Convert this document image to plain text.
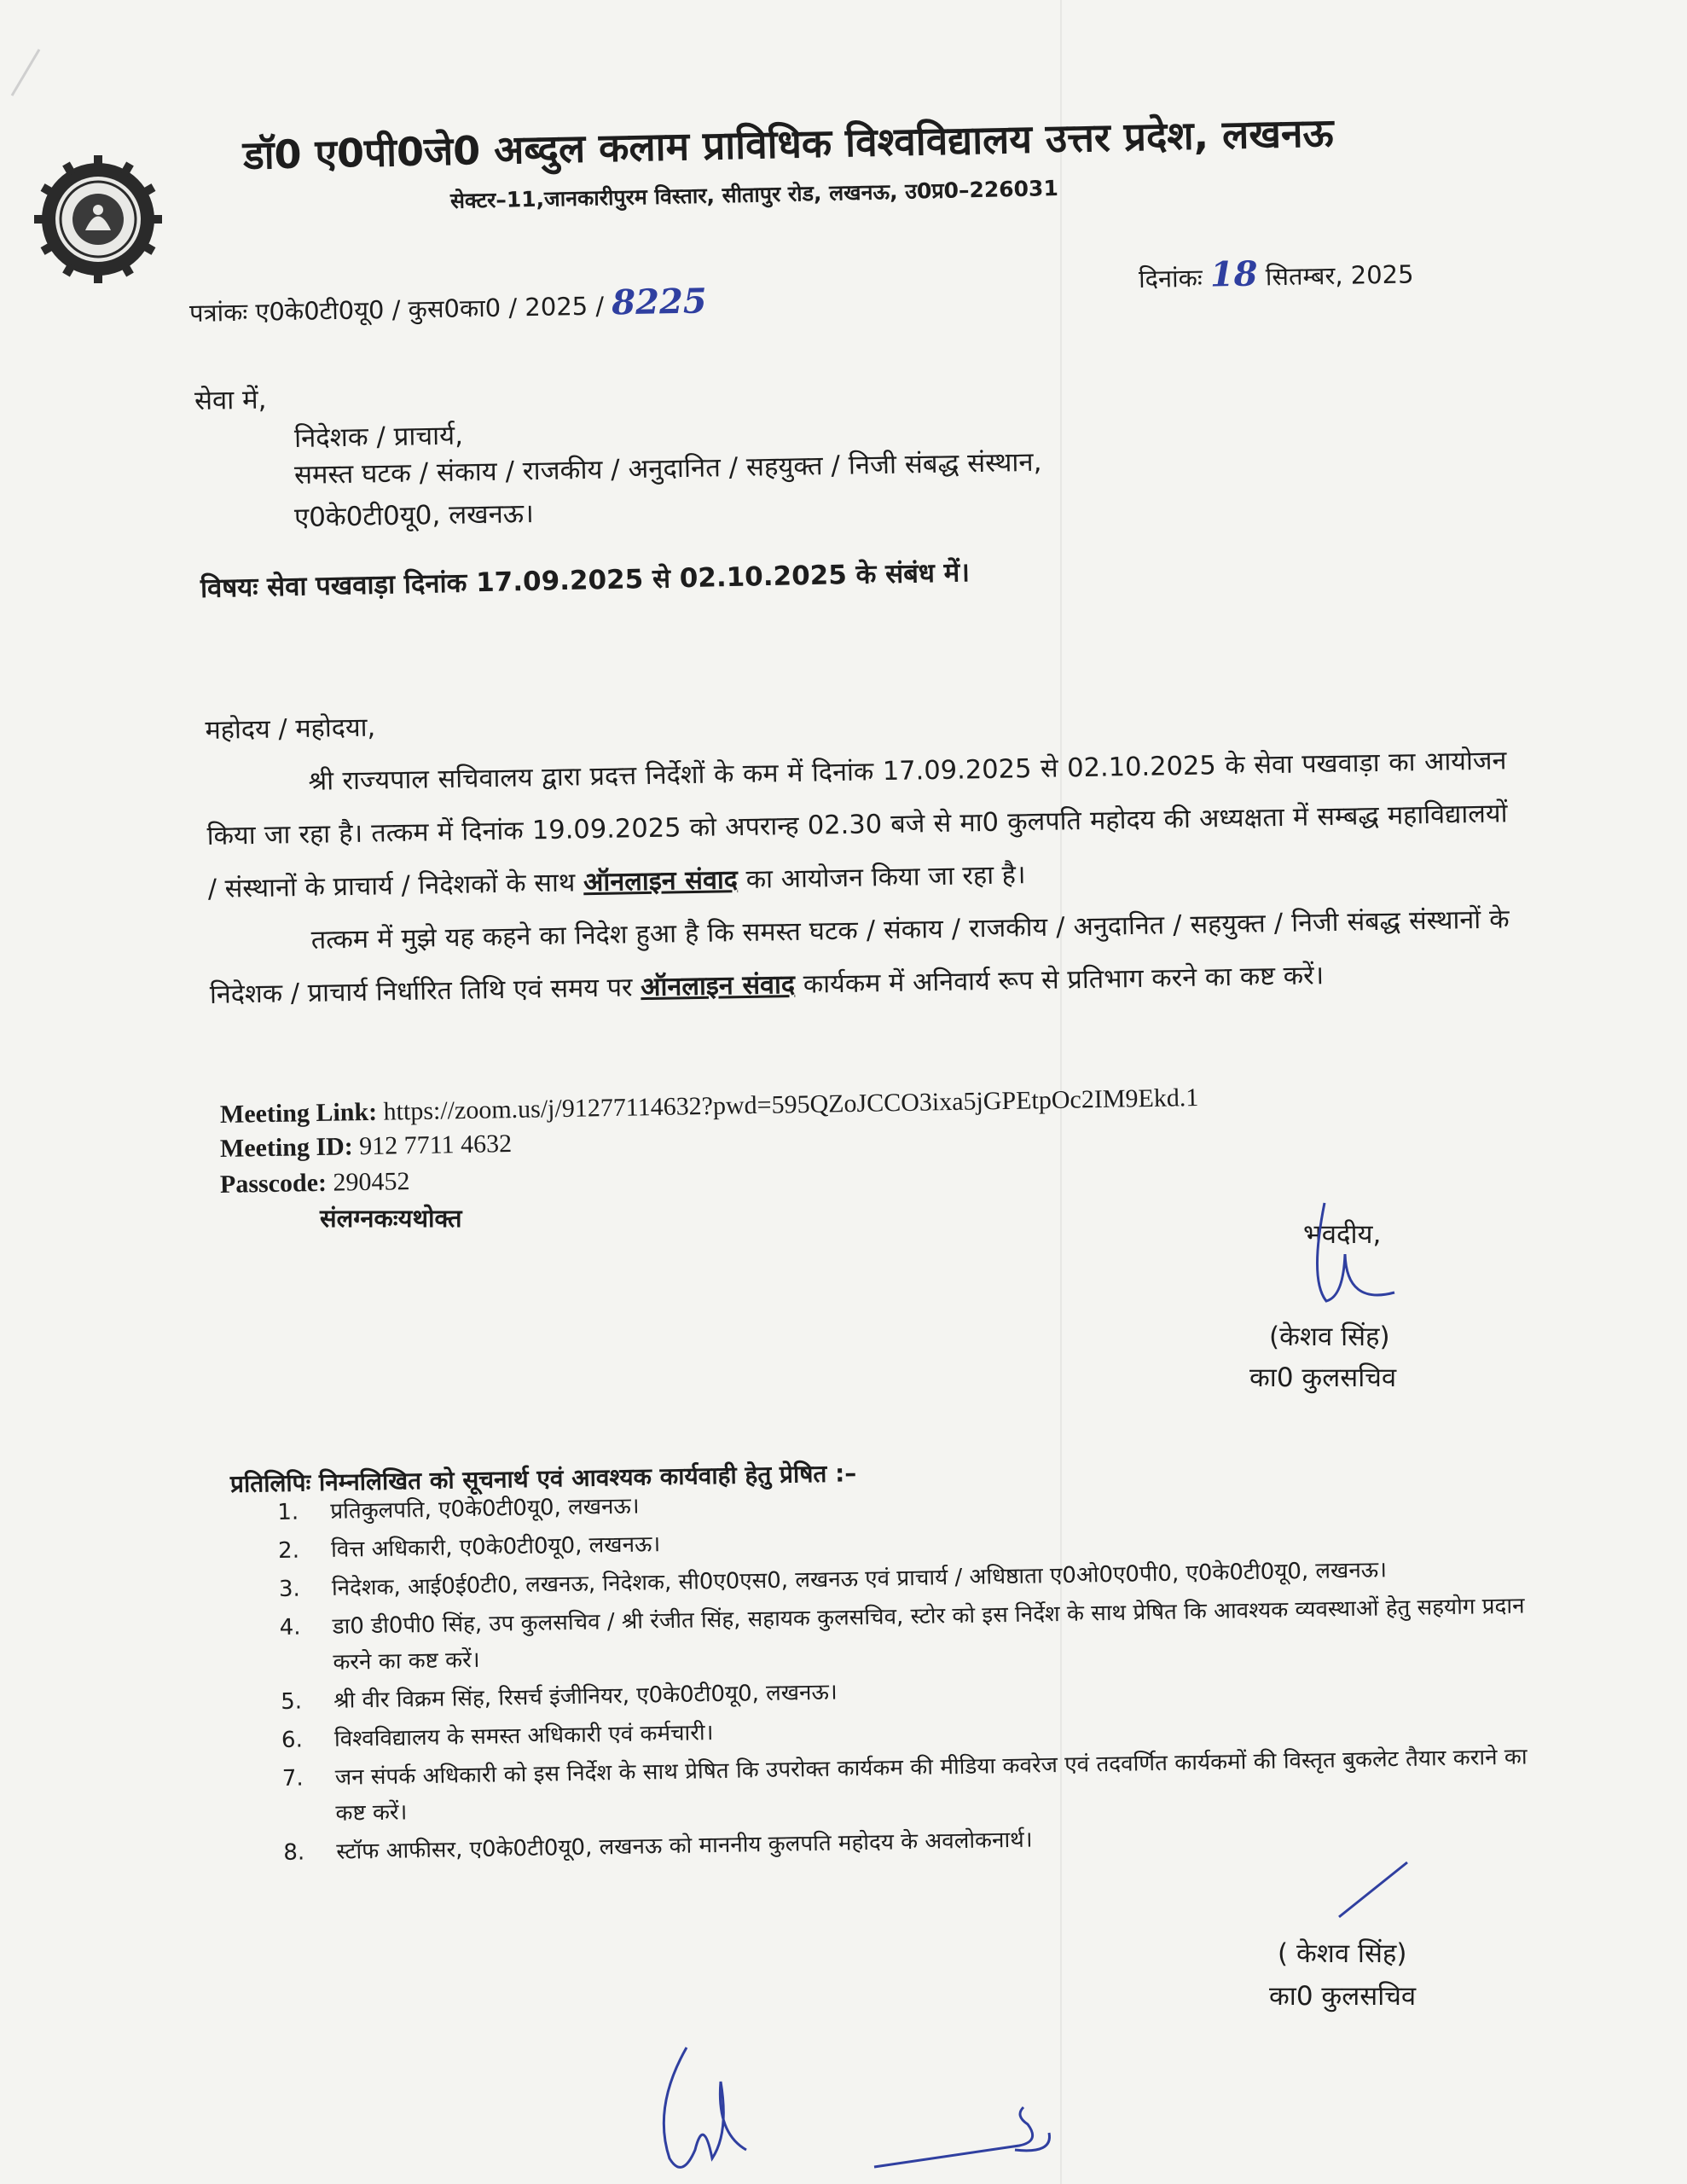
डॉ0 ए0पी0जे0 अब्दुल कलाम प्राविधिक विश्वविद्यालय उत्तर प्रदेश, लखनऊ
सेक्टर–11,जानकारीपुरम विस्तार, सीतापुर रोड, लखनऊ, उ0प्र0–226031
पत्रांकः ए0के0टी0यू0 / कुस0का0 / 2025 / 8225
दिनांकः 18 सितम्बर, 2025
सेवा में,
निदेशक / प्राचार्य,
समस्त घटक / संकाय / राजकीय / अनुदानित / सहयुक्त / निजी संबद्ध संस्थान,
ए0के0टी0यू0, लखनऊ।
विषयः सेवा पखवाड़ा दिनांक 17.09.2025 से 02.10.2025 के संबंध में।

महोदय / महोदया,

श्री राज्यपाल सचिवालय द्वारा प्रदत्त निर्देशों के कम में दिनांक 17.09.2025 से 02.10.2025 के सेवा पखवाड़ा का आयोजन किया जा रहा है। तत्कम में दिनांक 19.09.2025 को अपरान्ह 02.30 बजे से मा0 कुलपति महोदय की अध्यक्षता में सम्बद्ध महाविद्यालयों / संस्थानों के प्राचार्य / निदेशकों के साथ ऑनलाइन संवाद का आयोजन किया जा रहा है।

तत्कम में मुझे यह कहने का निदेश हुआ है कि समस्त घटक / संकाय / राजकीय / अनुदानित / सहयुक्त / निजी संबद्ध संस्थानों के निदेशक / प्राचार्य निर्धारित तिथि एवं समय पर ऑनलाइन संवाद कार्यकम में अनिवार्य रूप से प्रतिभाग करने का कष्ट करें।

Meeting Link: https://zoom.us/j/91277114632?pwd=595QZoJCCO3ixa5jGPEtpOc2IM9Ekd.1
Meeting ID: 912 7711 4632
Passcode: 290452
संलग्नकःयथोक्त
भवदीय,
(केशव सिंह)
का0 कुलसचिव
प्रतिलिपिः निम्नलिखित को सूचनार्थ एवं आवश्यक कार्यवाही हेतु प्रेषित :–
1.	प्रतिकुलपति, ए0के0टी0यू0, लखनऊ।
2.	वित्त अधिकारी, ए0के0टी0यू0, लखनऊ।
3.	निदेशक, आई0ई0टी0, लखनऊ, निदेशक, सी0ए0एस0, लखनऊ एवं प्राचार्य / अधिष्ठाता ए0ओ0ए0पी0, ए0के0टी0यू0, लखनऊ।
4.	डा0 डी0पी0 सिंह, उप कुलसचिव / श्री रंजीत सिंह, सहायक कुलसचिव, स्टोर को इस निर्देश के साथ प्रेषित कि आवश्यक व्यवस्थाओं हेतु सहयोग प्रदान करने का कष्ट करें।
5.	श्री वीर विक्रम सिंह, रिसर्च इंजीनियर, ए0के0टी0यू0, लखनऊ।
6.	विश्वविद्यालय के समस्त अधिकारी एवं कर्मचारी।
7.	जन संपर्क अधिकारी को इस निर्देश के साथ प्रेषित कि उपरोक्त कार्यकम की मीडिया कवरेज एवं तदवर्णित कार्यकमों की विस्तृत बुकलेट तैयार कराने का कष्ट करें।
8.	स्टॉफ आफीसर, ए0के0टी0यू0, लखनऊ को माननीय कुलपति महोदय के अवलोकनार्थ।
( केशव सिंह)
का0 कुलसचिव
